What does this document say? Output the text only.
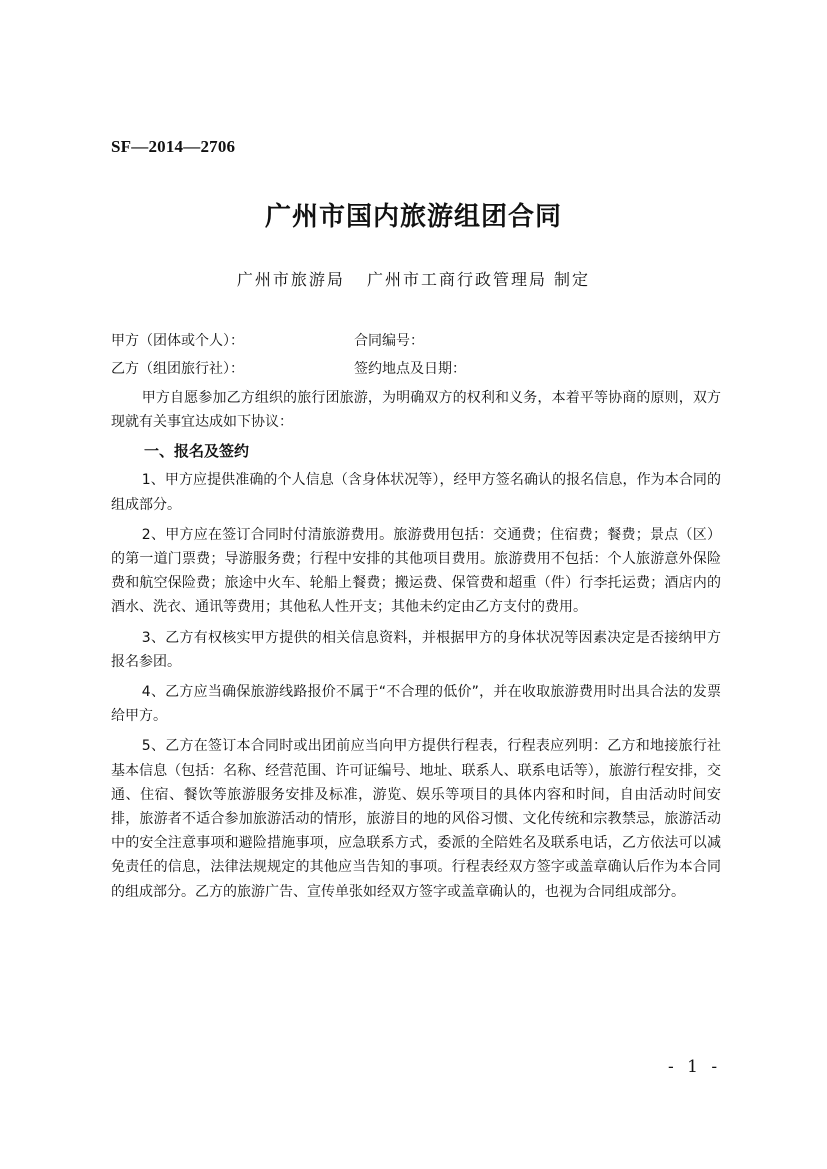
SF—2014—2706
广州市国内旅游组团合同
广州市旅游局 广州市工商行政管理局 制定
甲方（团体或个人）：	合同编号：
乙方（组团旅行社）：	签约地点及日期：

甲方自愿参加乙方组织的旅行团旅游，为明确双方的权利和义务，本着平等协商的原则，双方现就有关事宜达成如下协议：

一、报名及签约

1、甲方应提供准确的个人信息（含身体状况等），经甲方签名确认的报名信息，作为本合同的组成部分。

2、甲方应在签订合同时付清旅游费用。旅游费用包括：交通费；住宿费；餐费；景点（区）的第一道门票费；导游服务费；行程中安排的其他项目费用。旅游费用不包括：个人旅游意外保险费和航空保险费；旅途中火车、轮船上餐费；搬运费、保管费和超重（件）行李托运费；酒店内的酒水、洗衣、通讯等费用；其他私人性开支；其他未约定由乙方支付的费用。

3、乙方有权核实甲方提供的相关信息资料，并根据甲方的身体状况等因素决定是否接纳甲方报名参团。

4、乙方应当确保旅游线路报价不属于“不合理的低价”，并在收取旅游费用时出具合法的发票给甲方。

5、乙方在签订本合同时或出团前应当向甲方提供行程表，行程表应列明：乙方和地接旅行社基本信息（包括：名称、经营范围、许可证编号、地址、联系人、联系电话等），旅游行程安排，交通、住宿、餐饮等旅游服务安排及标准，游览、娱乐等项目的具体内容和时间，自由活动时间安排，旅游者不适合参加旅游活动的情形，旅游目的地的风俗习惯、文化传统和宗教禁忌，旅游活动中的安全注意事项和避险措施事项，应急联系方式，委派的全陪姓名及联系电话，乙方依法可以减免责任的信息，法律法规规定的其他应当告知的事项。行程表经双方签字或盖章确认后作为本合同的组成部分。乙方的旅游广告、宣传单张如经双方签字或盖章确认的，也视为合同组成部分。

- 1 -
